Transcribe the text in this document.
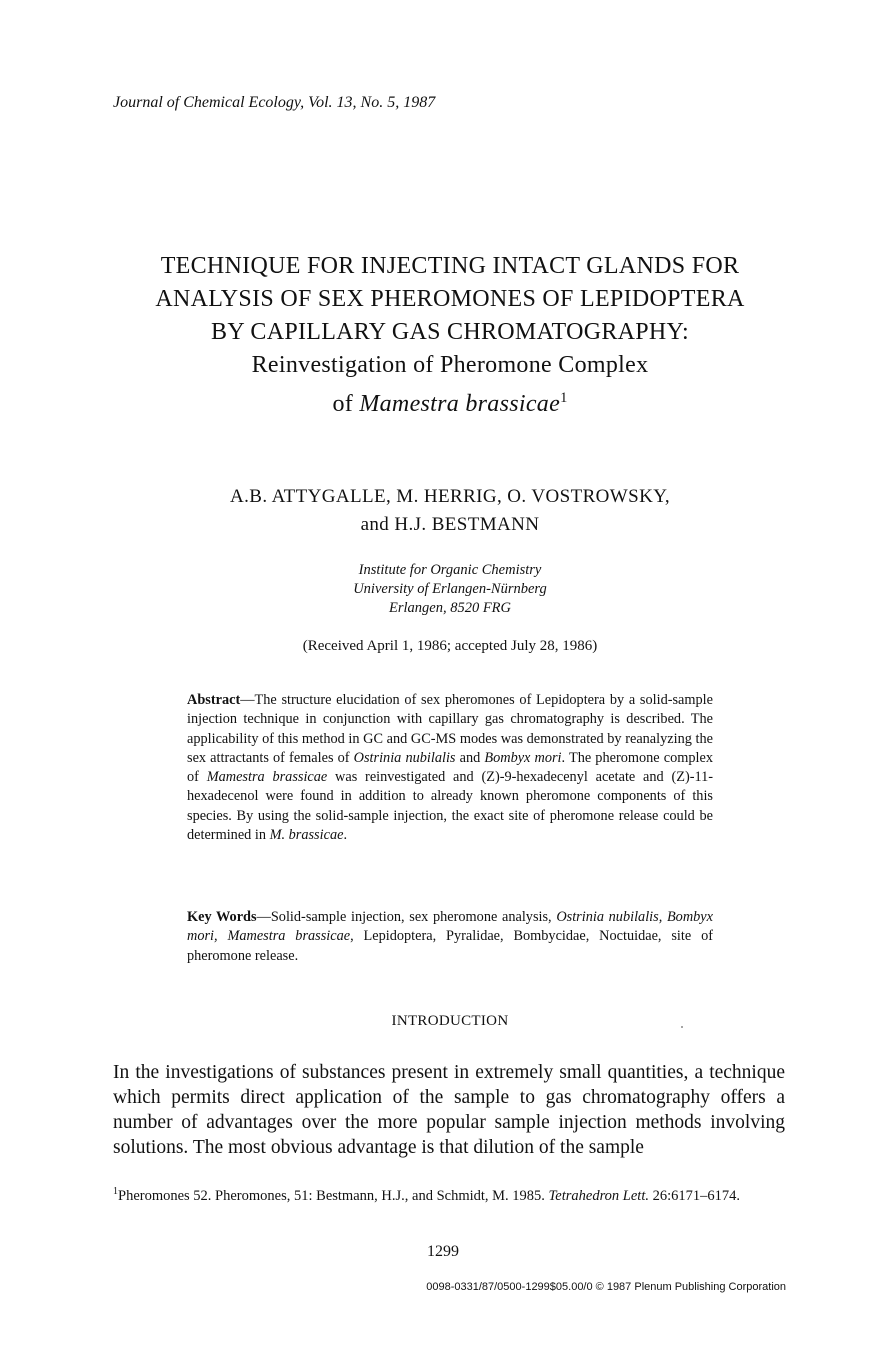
Journal of Chemical Ecology, Vol. 13, No. 5, 1987
TECHNIQUE FOR INJECTING INTACT GLANDS FOR
ANALYSIS OF SEX PHEROMONES OF LEPIDOPTERA
BY CAPILLARY GAS CHROMATOGRAPHY:
Reinvestigation of Pheromone Complex
of Mamestra brassicae$^1$
A.B. ATTYGALLE, M. HERRIG, O. VOSTROWSKY,
and H.J. BESTMANN
Institute for Organic Chemistry
University of Erlangen-Nürnberg
Erlangen, 8520 FRG
(Received April 1, 1986; accepted July 28, 1986)
Abstract—The structure elucidation of sex pheromones of Lepidoptera by a solid-sample injection technique in conjunction with capillary gas chromatography is described. The applicability of this method in GC and GC-MS modes was demonstrated by reanalyzing the sex attractants of females of Ostrinia nubilalis and Bombyx mori. The pheromone complex of Mamestra brassicae was reinvestigated and (Z)-9-hexadecenyl acetate and (Z)-11-hexadecenol were found in addition to already known pheromone components of this species. By using the solid-sample injection, the exact site of pheromone release could be determined in M. brassicae.
Key Words—Solid-sample injection, sex pheromone analysis, Ostrinia nubilalis, Bombyx mori, Mamestra brassicae, Lepidoptera, Pyralidae, Bombycidae, Noctuidae, site of pheromone release.
INTRODUCTION
In the investigations of substances present in extremely small quantities, a technique which permits direct application of the sample to gas chromatography offers a number of advantages over the more popular sample injection methods involving solutions. The most obvious advantage is that dilution of the sample
$^1$Pheromones 52. Pheromones, 51: Bestmann, H.J., and Schmidt, M. 1985. Tetrahedron Lett. 26:6171–6174.
1299
0098-0331/87/0500-1299$05.00/0 © 1987 Plenum Publishing Corporation
